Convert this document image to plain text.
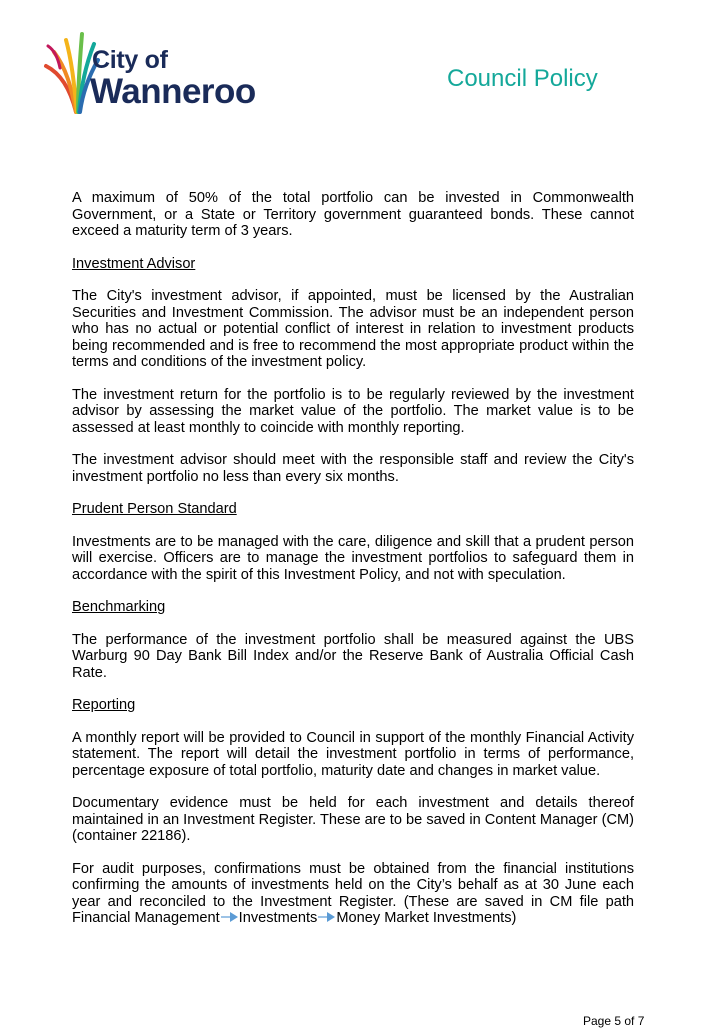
City of
Wanneroo	Council Policy

A maximum of 50% of the total portfolio can be invested in Commonwealth Government, or a State or Territory government guaranteed bonds. These cannot exceed a maturity term of 3 years.

Investment Advisor

The City's investment advisor, if appointed, must be licensed by the Australian Securities and Investment Commission. The advisor must be an independent person who has no actual or potential conflict of interest in relation to investment products being recommended and is free to recommend the most appropriate product within the terms and conditions of the investment policy.

The investment return for the portfolio is to be regularly reviewed by the investment advisor by assessing the market value of the portfolio. The market value is to be assessed at least monthly to coincide with monthly reporting.

The investment advisor should meet with the responsible staff and review the City's investment portfolio no less than every six months.

Prudent Person Standard

Investments are to be managed with the care, diligence and skill that a prudent person will exercise. Officers are to manage the investment portfolios to safeguard them in accordance with the spirit of this Investment Policy, and not with speculation.

Benchmarking

The performance of the investment portfolio shall be measured against the UBS Warburg 90 Day Bank Bill Index and/or the Reserve Bank of Australia Official Cash Rate.

Reporting

A monthly report will be provided to Council in support of the monthly Financial Activity statement. The report will detail the investment portfolio in terms of performance, percentage exposure of total portfolio, maturity date and changes in market value.

Documentary evidence must be held for each investment and details thereof maintained in an Investment Register. These are to be saved in Content Manager (CM) (container 22186).

For audit purposes, confirmations must be obtained from the financial institutions confirming the amounts of investments held on the City’s behalf as at 30 June each year and reconciled to the Investment Register. (These are saved in CM file path Financial Management Investments Money Market Investments)

Page 5 of 7
